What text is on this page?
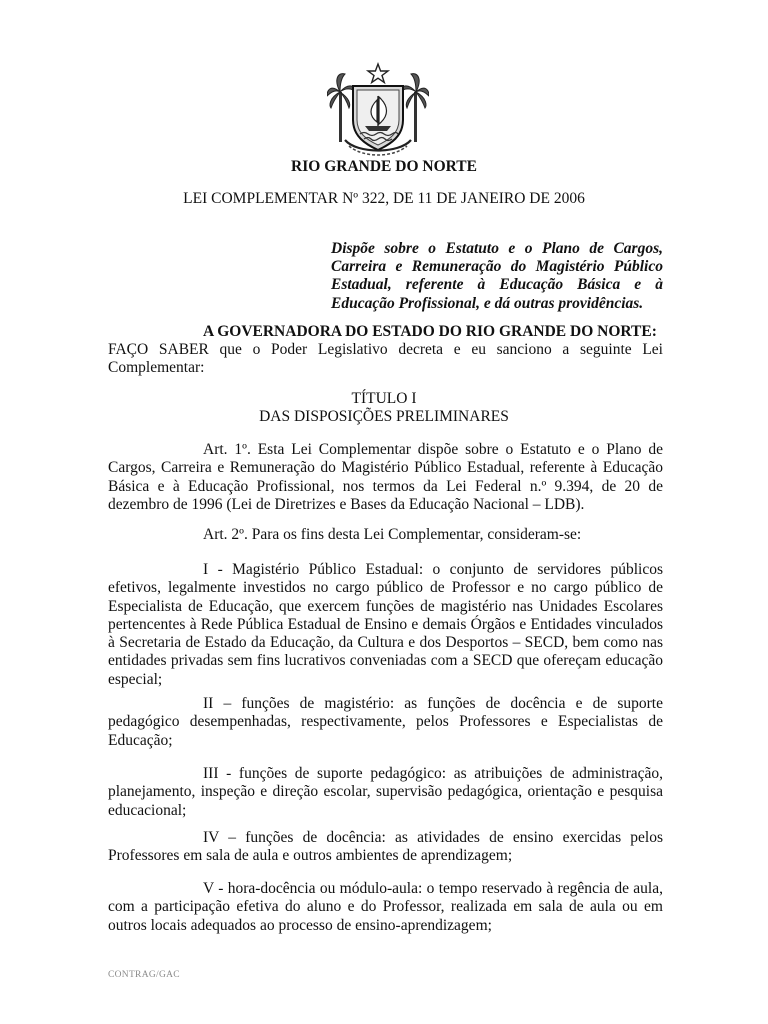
RIO GRANDE DO NORTE
LEI COMPLEMENTAR Nº 322, DE 11 DE JANEIRO DE 2006
Dispõe sobre o Estatuto e o Plano de Cargos,
Carreira e Remuneração do Magistério Público
Estadual, referente à Educação Básica e à
Educação Profissional, e dá outras providências.
A GOVERNADORA DO ESTADO DO RIO GRANDE DO NORTE:
FAÇO SABER que o Poder Legislativo decreta e eu sanciono a seguinte Lei Complementar:
TÍTULO I
DAS DISPOSIÇÕES PRELIMINARES
Art. 1º. Esta Lei Complementar dispõe sobre o Estatuto e o Plano de Cargos, Carreira e Remuneração do Magistério Público Estadual, referente à Educação Básica e à Educação Profissional, nos termos da Lei Federal n.º 9.394, de 20 de dezembro de 1996 (Lei de Diretrizes e Bases da Educação Nacional – LDB).
Art. 2º. Para os fins desta Lei Complementar, consideram-se:
I - Magistério Público Estadual: o conjunto de servidores públicos efetivos, legalmente investidos no cargo público de Professor e no cargo público de Especialista de Educação, que exercem funções de magistério nas Unidades Escolares pertencentes à Rede Pública Estadual de Ensino e demais Órgãos e Entidades vinculados à Secretaria de Estado da Educação, da Cultura e dos Desportos – SECD, bem como nas entidades privadas sem fins lucrativos conveniadas com a SECD que ofereçam educação especial;
II – funções de magistério: as funções de docência e de suporte pedagógico desempenhadas, respectivamente, pelos Professores e Especialistas de Educação;
III - funções de suporte pedagógico: as atribuições de administração, planejamento, inspeção e direção escolar, supervisão pedagógica, orientação e pesquisa educacional;
IV – funções de docência: as atividades de ensino exercidas pelos Professores em sala de aula e outros ambientes de aprendizagem;
V - hora-docência ou módulo-aula: o tempo reservado à regência de aula, com a participação efetiva do aluno e do Professor, realizada em sala de aula ou em outros locais adequados ao processo de ensino-aprendizagem;
CONTRAG/GAC
